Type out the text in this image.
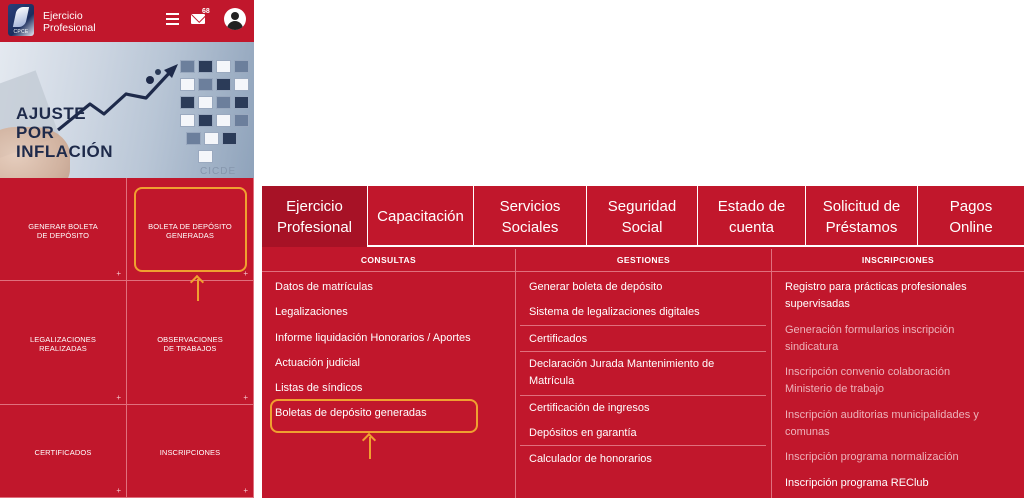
CPCE
Ejercicio
Profesional
68
AJUSTE
POR
INFLACIÓN
CICDE
GENERAR BOLETA
DE DEPÓSITO
+
BOLETA DE DEPÓSITO
GENERADAS
+
LEGALIZACIONES
REALIZADAS
+
OBSERVACIONES
DE TRABAJOS
+
CERTIFICADOS
+
INSCRIPCIONES
+
Ejercicio
Profesional
Capacitación
Servicios
Sociales
Seguridad
Social
Estado de
cuenta
Solicitud de
Préstamos
Pagos
Online
CONSULTAS
Datos de matrículas
Legalizaciones
Informe liquidación Honorarios / Aportes
Actuación judicial
Listas de síndicos
Boletas de depósito generadas
GESTIONES
Generar boleta de depósito
Sistema de legalizaciones digitales
Certificados
Declaración Jurada Mantenimiento de
Matrícula
Certificación de ingresos
Depósitos en garantía
Calculador de honorarios
INSCRIPCIONES
Registro para prácticas profesionales
supervisadas
Generación formularios inscripción
sindicatura
Inscripción convenio colaboración
Ministerio de trabajo
Inscripción auditorias municipalidades y
comunas
Inscripción programa normalización
Inscripción programa REClub
